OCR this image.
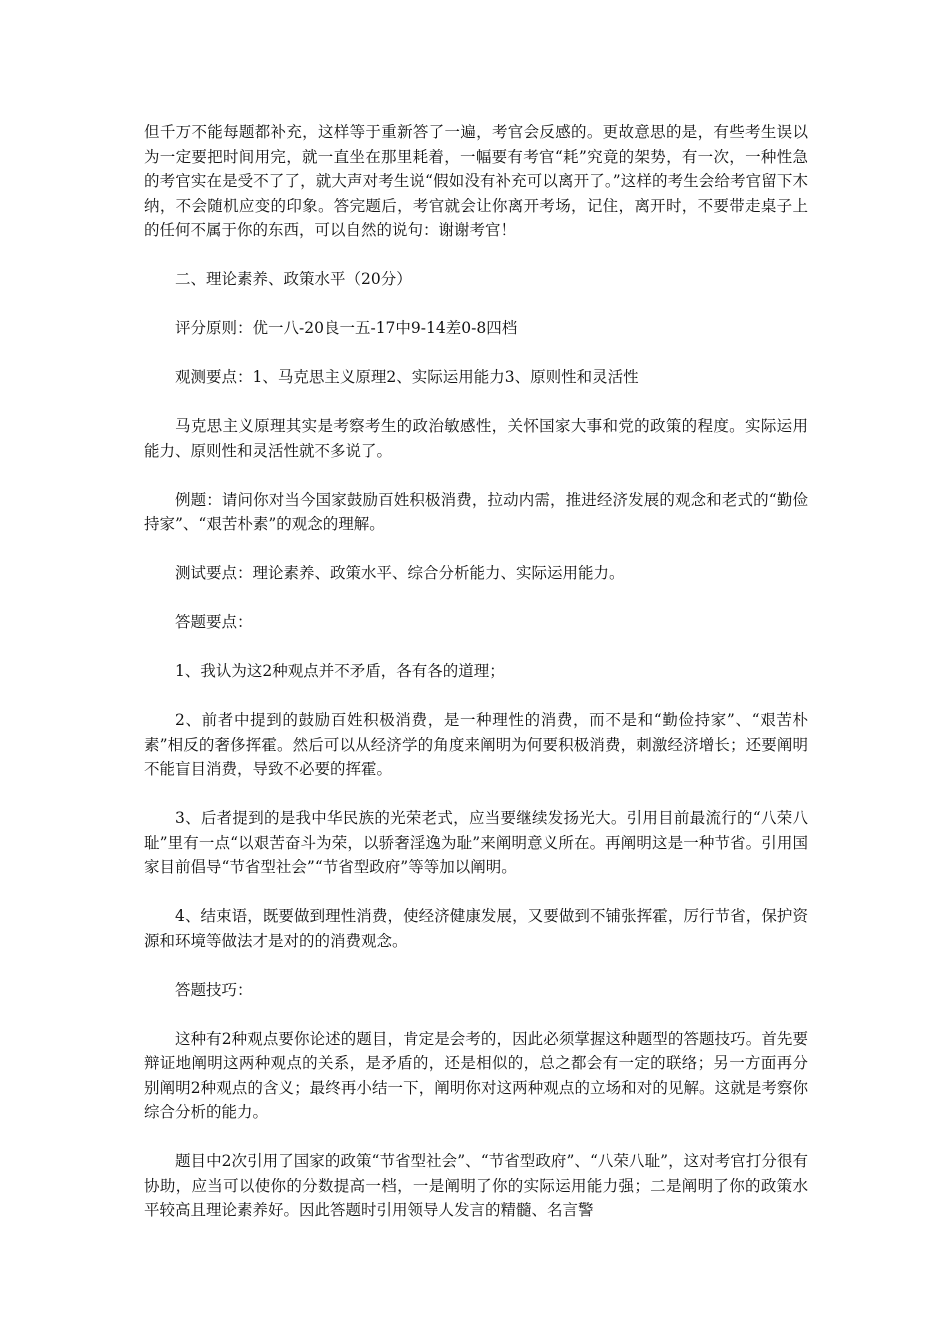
但千万不能每题都补充，这样等于重新答了一遍，考官会反感的。更故意思的是，有些考生误以为一定要把时间用完，就一直坐在那里耗着，一幅要有考官“耗”究竟的架势，有一次，一种性急的考官实在是受不了了，就大声对考生说“假如没有补充可以离开了。”这样的考生会给考官留下木纳，不会随机应变的印象。答完题后，考官就会让你离开考场，记住，离开时，不要带走桌子上的任何不属于你的东西，可以自然的说句：谢谢考官！

二、理论素养、政策水平（20分）

评分原则：优一八-20良一五-17中9-14差0-8四档

观测要点：1、马克思主义原理2、实际运用能力3、原则性和灵活性

马克思主义原理其实是考察考生的政治敏感性，关怀国家大事和党的政策的程度。实际运用能力、原则性和灵活性就不多说了。

例题：请问你对当今国家鼓励百姓积极消费，拉动内需，推进经济发展的观念和老式的“勤俭持家”、“艰苦朴素”的观念的理解。

测试要点：理论素养、政策水平、综合分析能力、实际运用能力。

答题要点：

1、我认为这2种观点并不矛盾，各有各的道理；

2、前者中提到的鼓励百姓积极消费，是一种理性的消费，而不是和“勤俭持家”、“艰苦朴素”相反的奢侈挥霍。然后可以从经济学的角度来阐明为何要积极消费，刺激经济增长；还要阐明不能盲目消费，导致不必要的挥霍。

3、后者提到的是我中华民族的光荣老式，应当要继续发扬光大。引用目前最流行的“八荣八耻”里有一点“以艰苦奋斗为荣，以骄奢淫逸为耻”来阐明意义所在。再阐明这是一种节省。引用国家目前倡导“节省型社会”“节省型政府”等等加以阐明。

4、结束语，既要做到理性消费，使经济健康发展，又要做到不铺张挥霍，厉行节省，保护资源和环境等做法才是对的的消费观念。

答题技巧：

这种有2种观点要你论述的题目，肯定是会考的，因此必须掌握这种题型的答题技巧。首先要辩证地阐明这两种观点的关系，是矛盾的，还是相似的，总之都会有一定的联络；另一方面再分别阐明2种观点的含义；最终再小结一下，阐明你对这两种观点的立场和对的见解。这就是考察你综合分析的能力。

题目中2次引用了国家的政策“节省型社会”、“节省型政府”、“八荣八耻”，这对考官打分很有协助，应当可以使你的分数提高一档，一是阐明了你的实际运用能力强；二是阐明了你的政策水平较高且理论素养好。因此答题时引用领导人发言的精髓、名言警
